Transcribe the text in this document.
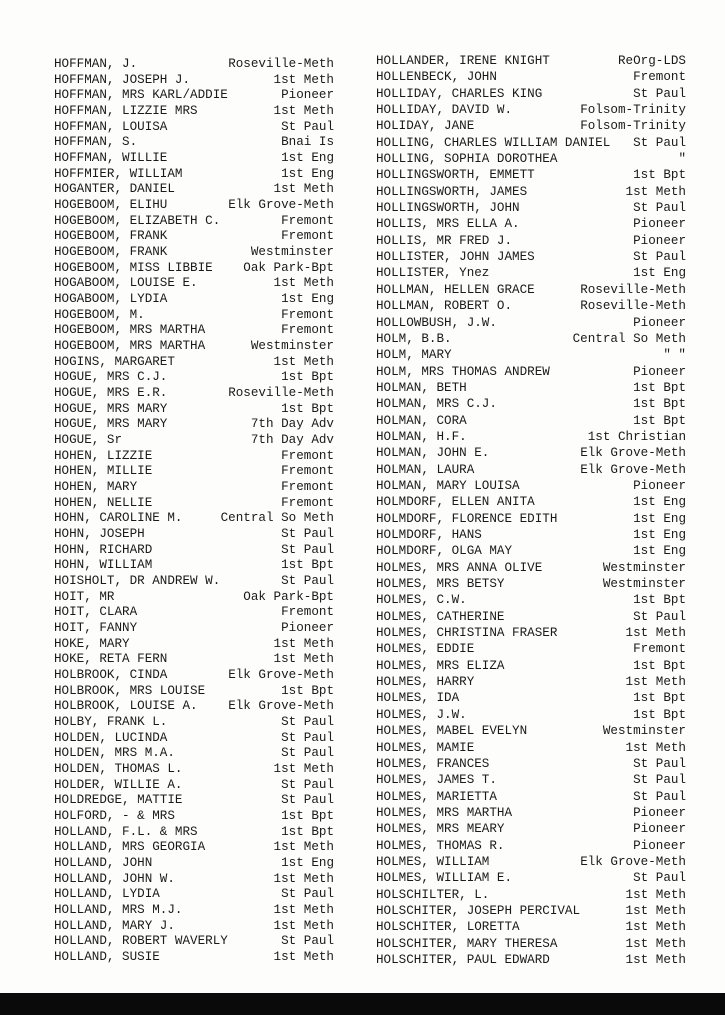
HOFFMAN, J.	Roseville-Meth
HOFFMAN, JOSEPH J.	1st Meth
HOFFMAN, MRS KARL/ADDIE	Pioneer
HOFFMAN, LIZZIE MRS	1st Meth
HOFFMAN, LOUISA	St Paul
HOFFMAN, S.	Bnai Is
HOFFMAN, WILLIE	1st Eng
HOFFMIER, WILLIAM	1st Eng
HOGANTER, DANIEL	1st Meth
HOGEBOOM, ELIHU	Elk Grove-Meth
HOGEBOOM, ELIZABETH C.	Fremont
HOGEBOOM, FRANK	Fremont
HOGEBOOM, FRANK	Westminster
HOGEBOOM, MISS LIBBIE Oak Park-Bpt
HOGABOOM, LOUISE E.	1st Meth
HOGABOOM, LYDIA	1st Eng
HOGEBOOM, M.	Fremont
HOGEBOOM, MRS MARTHA	Fremont
HOGEBOOM, MRS MARTHA	Westminster
HOGINS, MARGARET	1st Meth
HOGUE, MRS C.J.	1st Bpt
HOGUE, MRS E.R.	Roseville-Meth
HOGUE, MRS MARY	1st Bpt
HOGUE, MRS MARY	7th Day Adv
HOGUE, Sr	7th Day Adv
HOHEN, LIZZIE	Fremont
HOHEN, MILLIE	Fremont
HOHEN, MARY	Fremont
HOHEN, NELLIE	Fremont
HOHN, CAROLINE M.	Central So Meth
HOHN, JOSEPH	St Paul
HOHN, RICHARD	St Paul
HOHN, WILLIAM	1st Bpt
HOISHOLT, DR ANDREW W.	St Paul
HOIT, MR	Oak Park-Bpt
HOIT, CLARA	Fremont
HOIT, FANNY	Pioneer
HOKE, MARY	1st Meth
HOKE, RETA FERN	1st Meth
HOLBROOK, CINDA	Elk Grove-Meth
HOLBROOK, MRS LOUISE	1st Bpt
HOLBROOK, LOUISE A. Elk Grove-Meth
HOLBY, FRANK L.	St Paul
HOLDEN, LUCINDA	St Paul
HOLDEN, MRS M.A.	St Paul
HOLDEN, THOMAS L.	1st Meth
HOLDER, WILLIE A.	St Paul
HOLDREDGE, MATTIE	St Paul
HOLFORD, - & MRS	1st Bpt
HOLLAND, F.L. & MRS	1st Bpt
HOLLAND, MRS GEORGIA	1st Meth
HOLLAND, JOHN	1st Eng
HOLLAND, JOHN W.	1st Meth
HOLLAND, LYDIA	St Paul
HOLLAND, MRS M.J.	1st Meth
HOLLAND, MARY J.	1st Meth
HOLLAND, ROBERT WAVERLY	St Paul
HOLLAND, SUSIE	1st Meth
HOLLANDER, IRENE KNIGHT	ReOrg-LDS
HOLLENBECK, JOHN	Fremont
HOLLIDAY, CHARLES KING	St Paul
HOLLIDAY, DAVID W.	Folsom-Trinity
HOLIDAY, JANE	Folsom-Trinity
HOLLING, CHARLES WILLIAM DANIEL St Paul
HOLLING, SOPHIA DOROTHEA	"
HOLLINGSWORTH, EMMETT	1st Bpt
HOLLINGSWORTH, JAMES	1st Meth
HOLLINGSWORTH, JOHN	St Paul
HOLLIS, MRS ELLA A.	Pioneer
HOLLIS, MR FRED J.	Pioneer
HOLLISTER, JOHN JAMES	St Paul
HOLLISTER, Ynez	1st Eng
HOLLMAN, HELLEN GRACE	Roseville-Meth
HOLLMAN, ROBERT O.	Roseville-Meth
HOLLOWBUSH, J.W.	Pioneer
HOLM, B.B.	Central So Meth
HOLM, MARY	" "
HOLM, MRS THOMAS ANDREW	Pioneer
HOLMAN, BETH	1st Bpt
HOLMAN, MRS C.J.	1st Bpt
HOLMAN, CORA	1st Bpt
HOLMAN, H.F.	1st Christian
HOLMAN, JOHN E.	Elk Grove-Meth
HOLMAN, LAURA	Elk Grove-Meth
HOLMAN, MARY LOUISA	Pioneer
HOLMDORF, ELLEN ANITA	1st Eng
HOLMDORF, FLORENCE EDITH	1st Eng
HOLMDORF, HANS	1st Eng
HOLMDORF, OLGA MAY	1st Eng
HOLMES, MRS ANNA OLIVE	Westminster
HOLMES, MRS BETSY	Westminster
HOLMES, C.W.	1st Bpt
HOLMES, CATHERINE	St Paul
HOLMES, CHRISTINA FRASER	1st Meth
HOLMES, EDDIE	Fremont
HOLMES, MRS ELIZA	1st Bpt
HOLMES, HARRY	1st Meth
HOLMES, IDA	1st Bpt
HOLMES, J.W.	1st Bpt
HOLMES, MABEL EVELYN	Westminster
HOLMES, MAMIE	1st Meth
HOLMES, FRANCES	St Paul
HOLMES, JAMES T.	St Paul
HOLMES, MARIETTA	St Paul
HOLMES, MRS MARTHA	Pioneer
HOLMES, MRS MEARY	Pioneer
HOLMES, THOMAS R.	Pioneer
HOLMES, WILLIAM	Elk Grove-Meth
HOLMES, WILLIAM E.	St Paul
HOLSCHILTER, L.	1st Meth
HOLSCHITER, JOSEPH PERCIVAL	1st Meth
HOLSCHITER, LORETTA	1st Meth
HOLSCHITER, MARY THERESA	1st Meth
HOLSCHITER, PAUL EDWARD	1st Meth
